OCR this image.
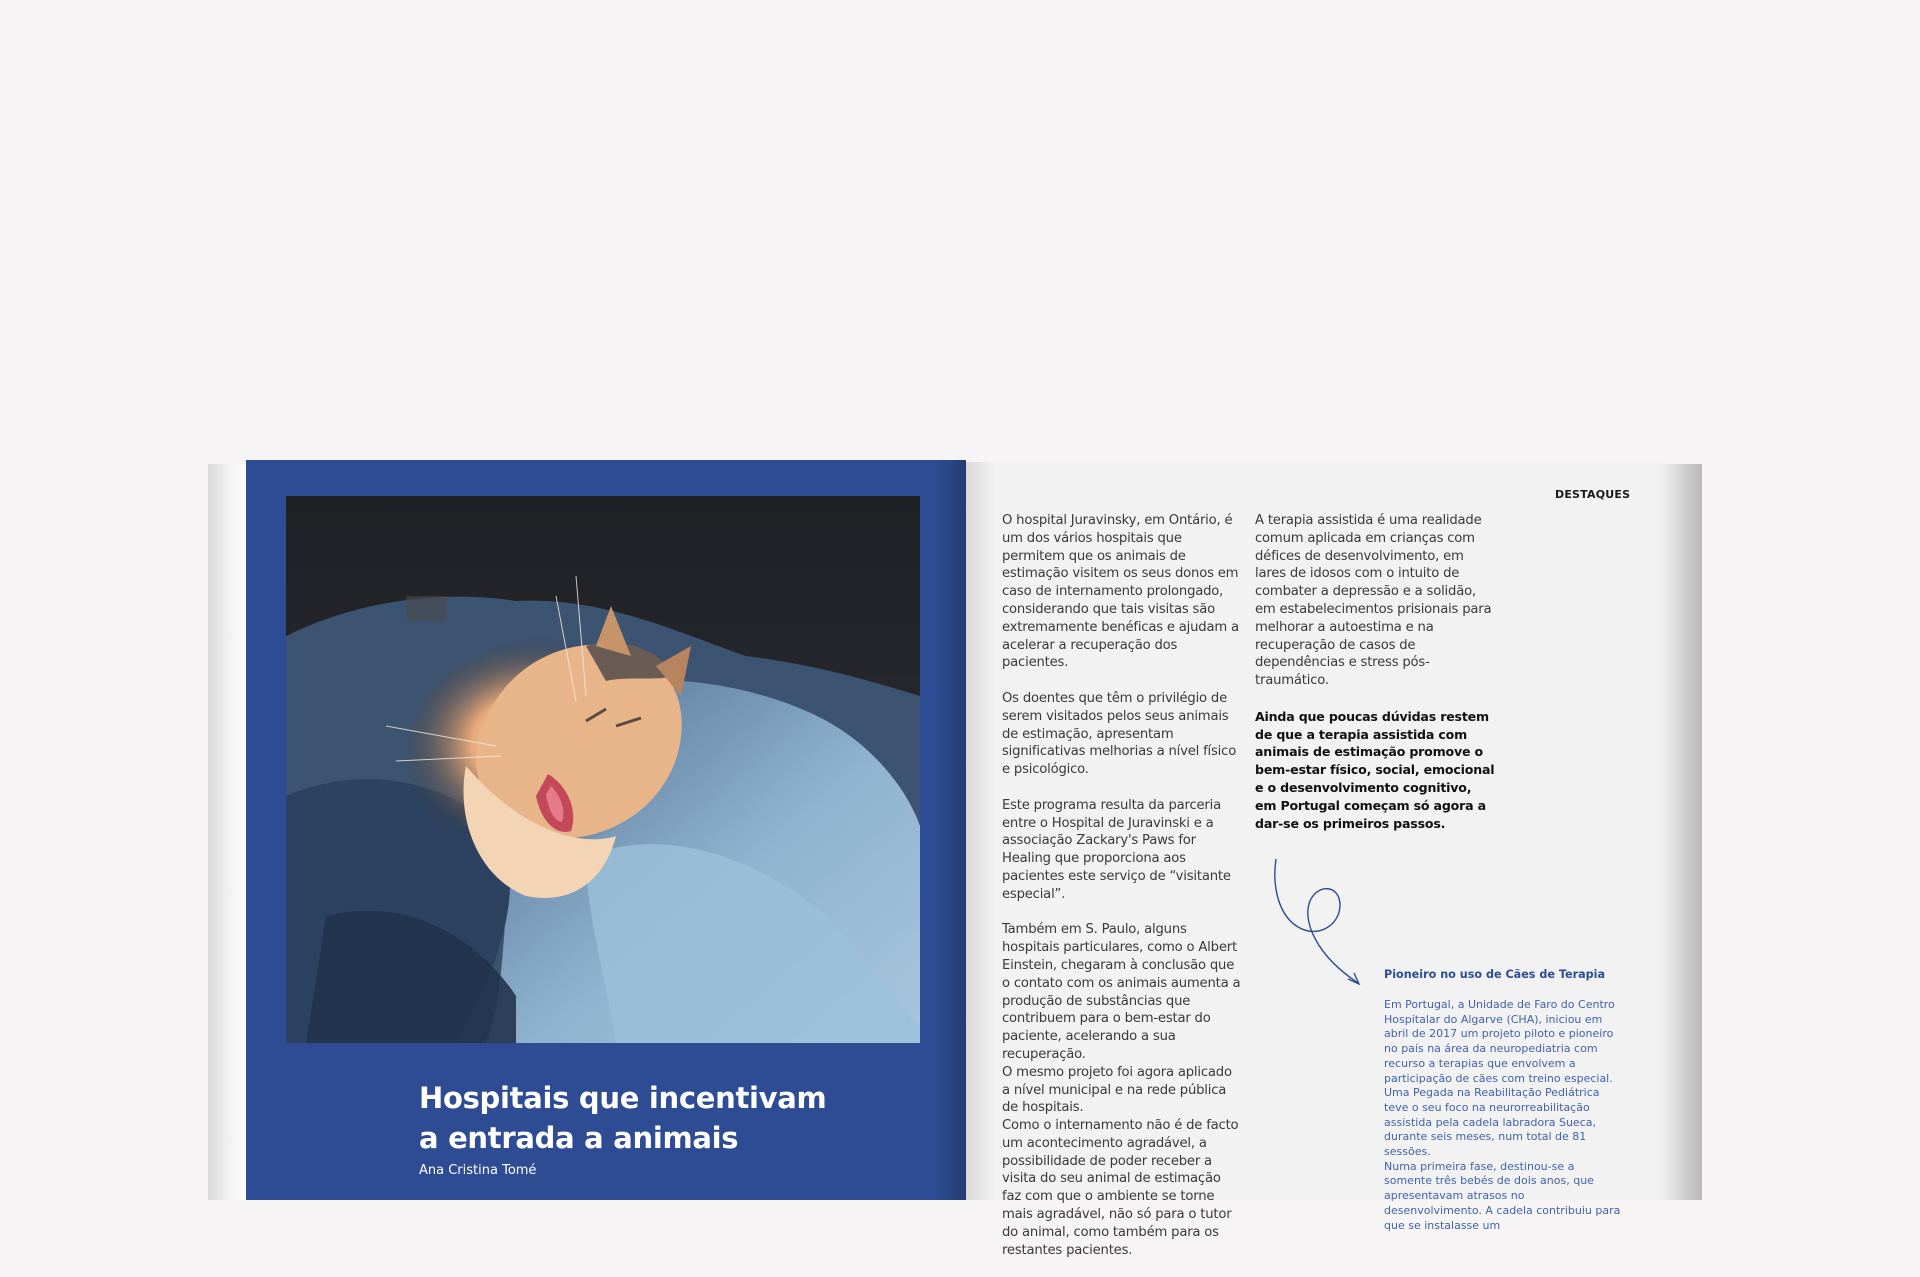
Hospitais que incentivam
a entrada a animais
Ana Cristina Tomé
DESTAQUES

O hospital Juravinsky, em Ontário, é um dos vários hospitais que permitem que os animais de estimação visitem os seus donos em caso de internamento prolongado, considerando que tais visitas são extremamente benéficas e ajudam a acelerar a recuperação dos pacientes.

Os doentes que têm o privilégio de serem visitados pelos seus animais de estimação, apresentam significativas melhorias a nível físico e psicológico.

Este programa resulta da parceria entre o Hospital de Juravinski e a associação Zackary's Paws for Healing que proporciona aos pacientes este serviço de “visitante especial”.

Também em S. Paulo, alguns hospitais particulares, como o Albert Einstein, chegaram à conclusão que o contato com os animais aumenta a produção de substâncias que contribuem para o bem-estar do paciente, acelerando a sua recuperação.
O mesmo projeto foi agora aplicado a nível municipal e na rede pública de hospitais.
Como o internamento não é de facto um acontecimento agradável, a possibilidade de poder receber a visita do seu animal de estimação faz com que o ambiente se torne mais agradável, não só para o tutor do animal, como também para os restantes pacientes.

A terapia assistida é uma realidade comum aplicada em crianças com défices de desenvolvimento, em lares de idosos com o intuito de combater a depressão e a solidão, em estabelecimentos prisionais para melhorar a autoestima e na recuperação de casos de dependências e stress pós-traumático.

Ainda que poucas dúvidas restem de que a terapia assistida com animais de estimação promove o bem-estar físico, social, emocional e o desenvolvimento cognitivo, em Portugal começam só agora a dar-se os primeiros passos.

Pioneiro no uso de Cães de Terapia

Em Portugal, a Unidade de Faro do Centro Hospitalar do Algarve (CHA), iniciou em abril de 2017 um projeto piloto e pioneiro no país na área da neuropediatria com recurso a terapias que envolvem a participação de cães com treino especial.

Uma Pegada na Reabilitação Pediátrica teve o seu foco na neurorreabilitação assistida pela cadela labradora Sueca, durante seis meses, num total de 81 sessões.

Numa primeira fase, destinou-se a somente três bebés de dois anos, que apresentavam atrasos no desenvolvimento. A cadela contribuiu para que se instalasse um
